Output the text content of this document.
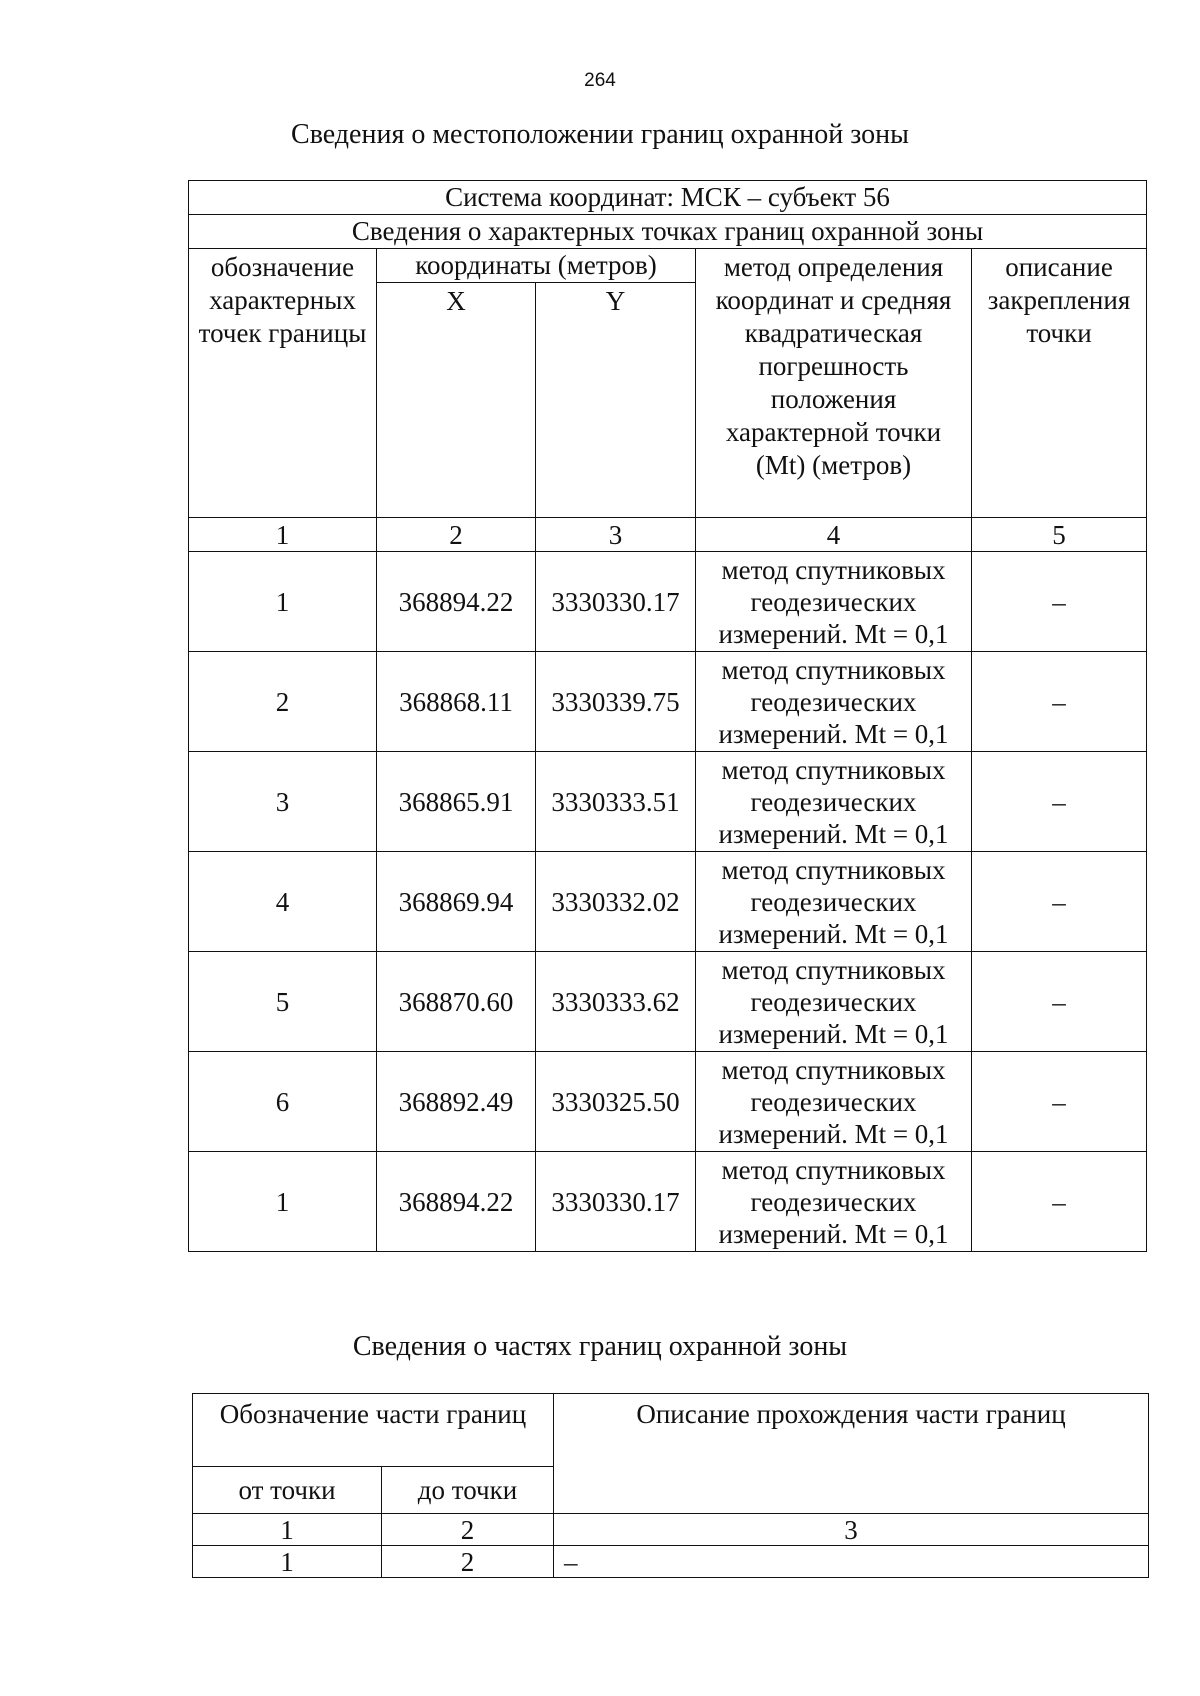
264
Сведения о местоположении границ охранной зоны
Система координат: МСК – субъект 56				
Сведения о характерных точках границ охранной зоны				
обозначение характерных точек границы	координаты (метров)		метод определения координат и средняя квадратическая погрешность положения характерной точки (Mt) (метров)	описание закрепления точки
	X	Y		
1	2	3	4	5
1	368894.22	3330330.17	метод спутниковых геодезических измерений. Mt = 0,1	–
2	368868.11	3330339.75	метод спутниковых геодезических измерений. Mt = 0,1	–
3	368865.91	3330333.51	метод спутниковых геодезических измерений. Mt = 0,1	–
4	368869.94	3330332.02	метод спутниковых геодезических измерений. Mt = 0,1	–
5	368870.60	3330333.62	метод спутниковых геодезических измерений. Mt = 0,1	–
6	368892.49	3330325.50	метод спутниковых геодезических измерений. Mt = 0,1	–
1	368894.22	3330330.17	метод спутниковых геодезических измерений. Mt = 0,1	–
Сведения о частях границ охранной зоны
Обозначение части границ		Описание прохождения части границ
от точки	до точки	
1	2	3
1	2	–
